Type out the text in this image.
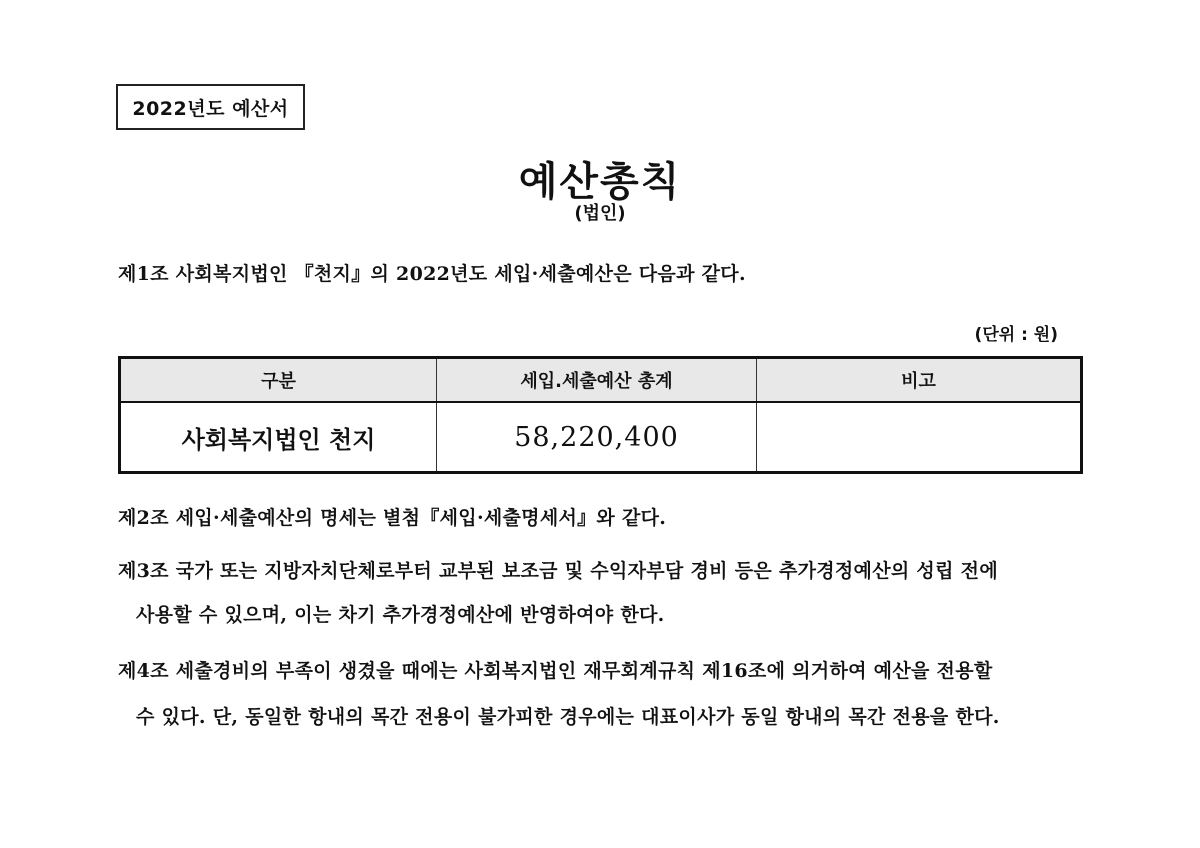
2022년도 예산서
예산총칙
(법인)
제1조 사회복지법인 『천지』의 2022년도 세입·세출예산은 다음과 같다.
(단위 : 원)
구분	세입.세출예산 총계	비고
사회복지법인 천지	58,220,400	
제2조 세입·세출예산의 명세는 별첨『세입·세출명세서』와 같다.
제3조 국가 또는 지방자치단체로부터 교부된 보조금 및 수익자부담 경비 등은 추가경정예산의 성립 전에
사용할 수 있으며, 이는 차기 추가경정예산에 반영하여야 한다.
제4조 세출경비의 부족이 생겼을 때에는 사회복지법인 재무회계규칙 제16조에 의거하여 예산을 전용할
수 있다. 단, 동일한 항내의 목간 전용이 불가피한 경우에는 대표이사가 동일 항내의 목간 전용을 한다.
